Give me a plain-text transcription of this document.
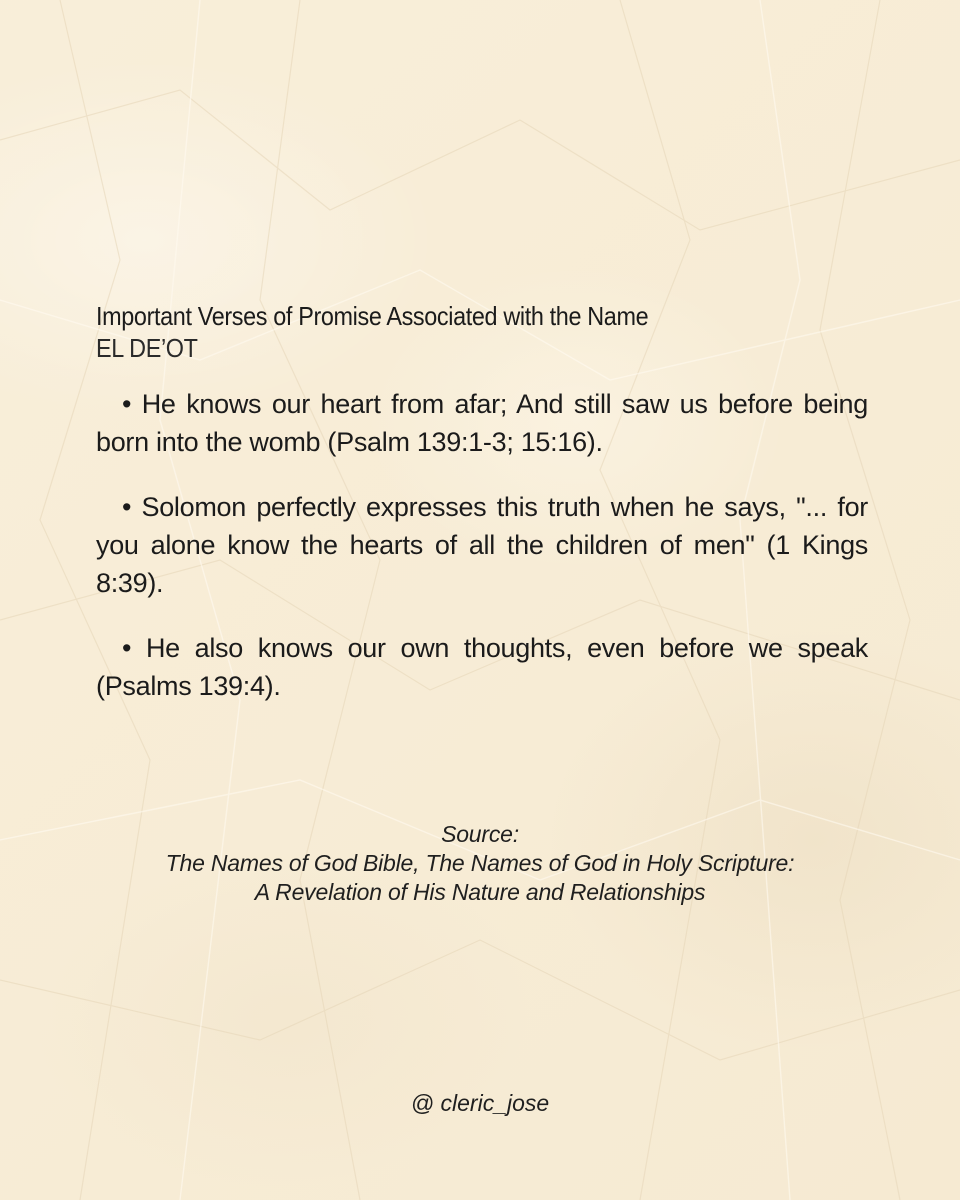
Important Verses of Promise Associated with the Name
EL DE’OT

• He knows our heart from afar; And still saw us before being born into the womb (Psalm 139:1-3; 15:16).

• Solomon perfectly expresses this truth when he says, "... for you alone know the hearts of all the children of men" (1 Kings 8:39).

• He also knows our own thoughts, even before we speak (Psalms 139:4).

Source:
The Names of God Bible, The Names of God in Holy Scripture:
A Revelation of His Nature and Relationships
@ cleric_jose
